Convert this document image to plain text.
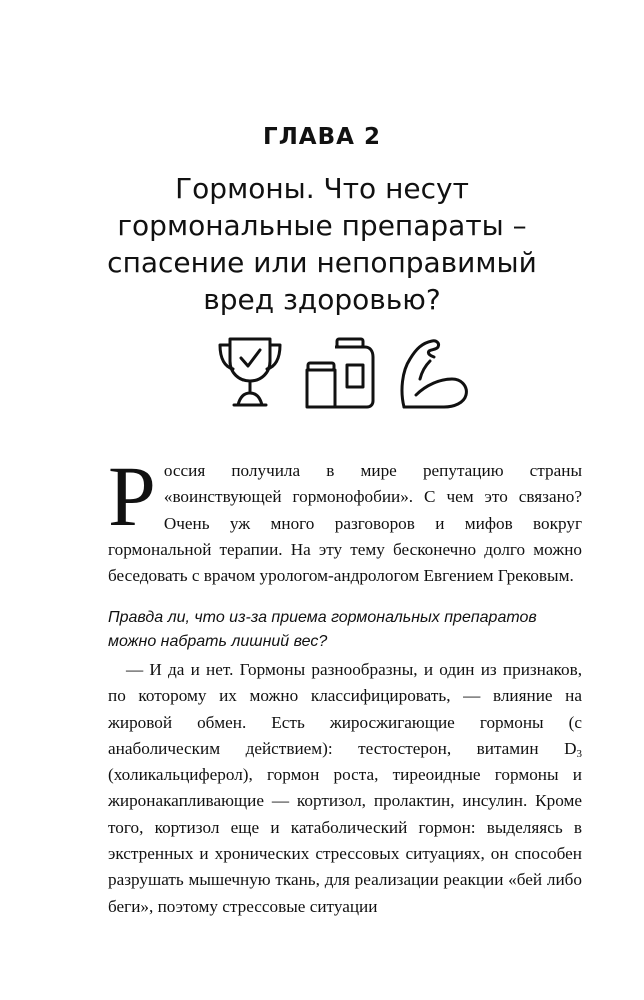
ГЛАВА 2
Гормоны. Что несут
гормональные препараты –
спасение или непоправимый
вред здоровью?
Р оссия получила в мире репутацию страны «воинствующей гормонофобии». С чем это связано? Очень уж много разговоров и мифов вокруг гормональной терапии. На эту тему бесконечно долго можно беседовать с врачом урологом-андрологом Евгением Грековым.
Правда ли, что из-за приема гормональных препаратов можно набрать лишний вес?

— И да и нет. Гормоны разнообразны, и один из признаков, по которому их можно классифицировать, — влияние на жировой обмен. Есть жиросжигающие гормоны (с анаболическим действием): тестостерон, витамин $D_3$ (холикальциферол), гормон роста, тиреоидные гормоны и жиронакапливающие — кортизол, пролактин, инсулин. Кроме того, кортизол еще и катаболический гормон: выделяясь в экстренных и хронических стрессовых ситуациях, он способен разрушать мышечную ткань, для реализации реакции «бей либо беги», поэтому стрессовые ситуации
